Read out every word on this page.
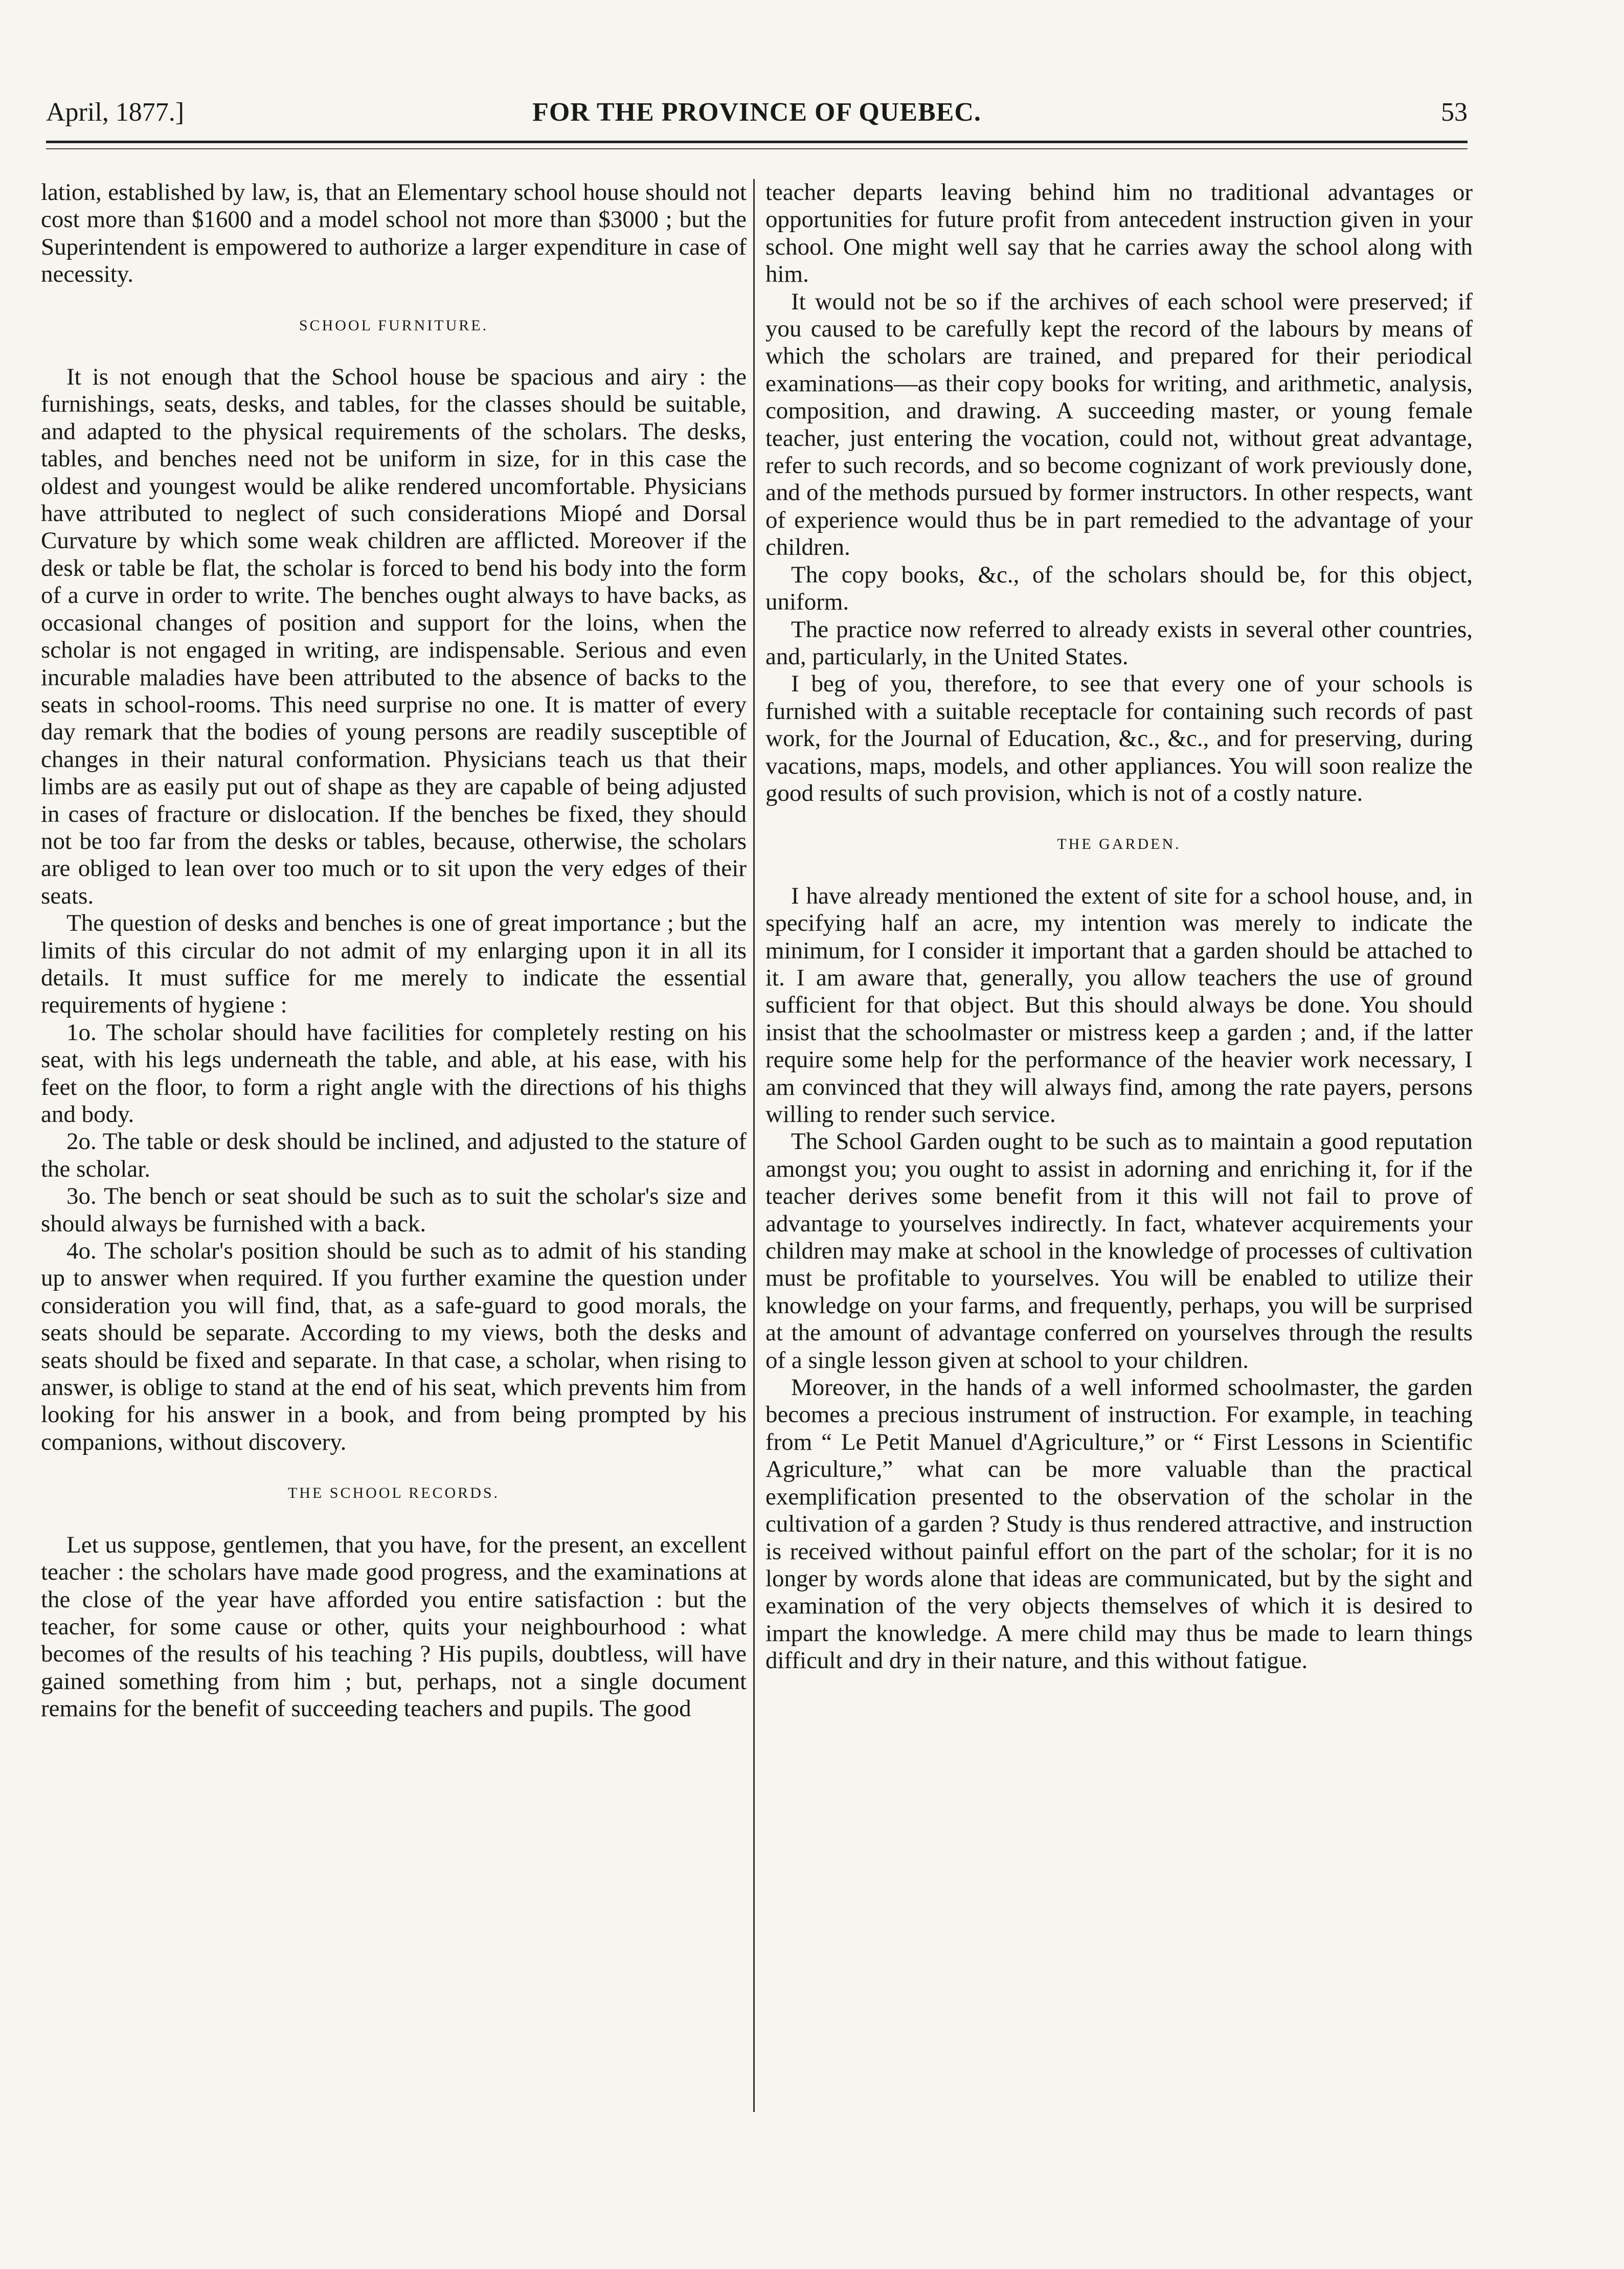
April, 1877.]	FOR THE PROVINCE OF QUEBEC.	53

lation, established by law, is, that an Elementary school house should not cost more than $1600 and a model school not more than $3000 ; but the Superintendent is empowered to authorize a larger expenditure in case of necessity.

SCHOOL FURNITURE.

It is not enough that the School house be spacious and airy : the furnishings, seats, desks, and tables, for the classes should be suitable, and adapted to the physical requirements of the scholars. The desks, tables, and benches need not be uniform in size, for in this case the oldest and youngest would be alike rendered uncomfortable. Physicians have attributed to neglect of such considerations Miopé and Dorsal Curvature by which some weak children are afflicted. Moreover if the desk or table be flat, the scholar is forced to bend his body into the form of a curve in order to write. The benches ought always to have backs, as occasional changes of position and support for the loins, when the scholar is not engaged in writing, are indispensable. Serious and even incurable maladies have been attributed to the absence of backs to the seats in school-rooms. This need surprise no one. It is matter of every day remark that the bodies of young persons are readily susceptible of changes in their natural conformation. Physicians teach us that their limbs are as easily put out of shape as they are capable of being adjusted in cases of fracture or dislocation. If the benches be fixed, they should not be too far from the desks or tables, because, otherwise, the scholars are obliged to lean over too much or to sit upon the very edges of their seats.

The question of desks and benches is one of great importance ; but the limits of this circular do not admit of my enlarging upon it in all its details. It must suffice for me merely to indicate the essential requirements of hygiene :

1o. The scholar should have facilities for completely resting on his seat, with his legs underneath the table, and able, at his ease, with his feet on the floor, to form a right angle with the directions of his thighs and body.

2o. The table or desk should be inclined, and adjusted to the stature of the scholar.

3o. The bench or seat should be such as to suit the scholar's size and should always be furnished with a back.

4o. The scholar's position should be such as to admit of his standing up to answer when required. If you further examine the question under consideration you will find, that, as a safe-guard to good morals, the seats should be separate. According to my views, both the desks and seats should be fixed and separate. In that case, a scholar, when rising to answer, is oblige to stand at the end of his seat, which prevents him from looking for his answer in a book, and from being prompted by his companions, without discovery.

THE SCHOOL RECORDS.

Let us suppose, gentlemen, that you have, for the present, an excellent teacher : the scholars have made good progress, and the examinations at the close of the year have afforded you entire satisfaction : but the teacher, for some cause or other, quits your neighbourhood : what becomes of the results of his teaching ? His pupils, doubtless, will have gained something from him ; but, perhaps, not a single document remains for the benefit of succeeding teachers and pupils. The good

teacher departs leaving behind him no traditional advantages or opportunities for future profit from antecedent instruction given in your school. One might well say that he carries away the school along with him.

It would not be so if the archives of each school were preserved; if you caused to be carefully kept the record of the labours by means of which the scholars are trained, and prepared for their periodical examinations—as their copy books for writing, and arithmetic, analysis, composition, and drawing. A succeeding master, or young female teacher, just entering the vocation, could not, without great advantage, refer to such records, and so become cognizant of work previously done, and of the methods pursued by former instructors. In other respects, want of experience would thus be in part remedied to the advantage of your children.

The copy books, &c., of the scholars should be, for this object, uniform.

The practice now referred to already exists in several other countries, and, particularly, in the United States.

I beg of you, therefore, to see that every one of your schools is furnished with a suitable receptacle for containing such records of past work, for the Journal of Education, &c., &c., and for preserving, during vacations, maps, models, and other appliances. You will soon realize the good results of such provision, which is not of a costly nature.

THE GARDEN.

I have already mentioned the extent of site for a school house, and, in specifying half an acre, my intention was merely to indicate the minimum, for I consider it important that a garden should be attached to it. I am aware that, generally, you allow teachers the use of ground sufficient for that object. But this should always be done. You should insist that the schoolmaster or mistress keep a garden ; and, if the latter require some help for the performance of the heavier work necessary, I am convinced that they will always find, among the rate payers, persons willing to render such service.

The School Garden ought to be such as to maintain a good reputation amongst you; you ought to assist in adorning and enriching it, for if the teacher derives some benefit from it this will not fail to prove of advantage to yourselves indirectly. In fact, whatever acquirements your children may make at school in the knowledge of processes of cultivation must be profitable to yourselves. You will be enabled to utilize their knowledge on your farms, and frequently, perhaps, you will be surprised at the amount of advantage conferred on yourselves through the results of a single lesson given at school to your children.

Moreover, in the hands of a well informed schoolmaster, the garden becomes a precious instrument of instruction. For example, in teaching from “ Le Petit Manuel d'Agriculture,” or “ First Lessons in Scientific Agriculture,” what can be more valuable than the practical exemplification presented to the observation of the scholar in the cultivation of a garden ? Study is thus rendered attractive, and instruction is received without painful effort on the part of the scholar; for it is no longer by words alone that ideas are communicated, but by the sight and examination of the very objects themselves of which it is desired to impart the knowledge. A mere child may thus be made to learn things difficult and dry in their nature, and this without fatigue.
